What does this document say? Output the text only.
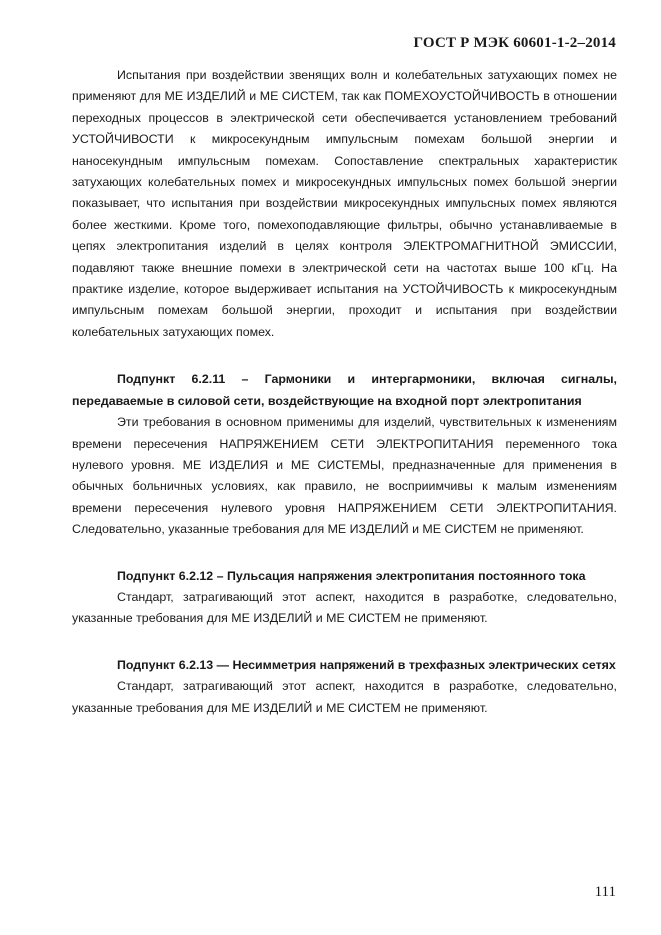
ГОСТ Р МЭК 60601-1-2–2014

Испытания при воздействии звенящих волн и колебательных затухающих помех не применяют для МЕ ИЗДЕЛИЙ и МЕ СИСТЕМ, так как ПОМЕХОУСТОЙЧИВОСТЬ в отношении переходных процессов в электрической сети обеспечивается установлением требований УСТОЙЧИВОСТИ к микросекундным импульсным помехам большой энергии и наносекундным импульсным помехам. Сопоставление спектральных характеристик затухающих колебательных помех и микросекундных импульсных помех большой энергии показывает, что испытания при воздействии микросекундных импульсных помех являются более жесткими. Кроме того, помехоподавляющие фильтры, обычно устанавливаемые в цепях электропитания изделий в целях контроля ЭЛЕКТРОМАГНИТНОЙ ЭМИССИИ, подавляют также внешние помехи в электрической сети на частотах выше 100 кГц. На практике изделие, которое выдерживает испытания на УСТОЙЧИВОСТЬ к микросекундным импульсным помехам большой энергии, проходит и испытания при воздействии колебательных затухающих помех.

Подпункт 6.2.11 – Гармоники и интергармоники, включая сигналы, передаваемые в силовой сети, воздействующие на входной порт электропитания

Эти требования в основном применимы для изделий, чувствительных к изменениям времени пересечения НАПРЯЖЕНИЕМ СЕТИ ЭЛЕКТРОПИТАНИЯ переменного тока нулевого уровня. МЕ ИЗДЕЛИЯ и МЕ СИСТЕМЫ, предназначенные для применения в обычных больничных условиях, как правило, не восприимчивы к малым изменениям времени пересечения нулевого уровня НАПРЯЖЕНИЕМ СЕТИ ЭЛЕКТРОПИТАНИЯ. Следовательно, указанные требования для МЕ ИЗДЕЛИЙ и МЕ СИСТЕМ не применяют.

Подпункт 6.2.12 – Пульсация напряжения электропитания постоянного тока

Стандарт, затрагивающий этот аспект, находится в разработке, следовательно, указанные требования для МЕ ИЗДЕЛИЙ и МЕ СИСТЕМ не применяют.

Подпункт 6.2.13 — Несимметрия напряжений в трехфазных электрических сетях

Стандарт, затрагивающий этот аспект, находится в разработке, следовательно, указанные требования для МЕ ИЗДЕЛИЙ и МЕ СИСТЕМ не применяют.

111
